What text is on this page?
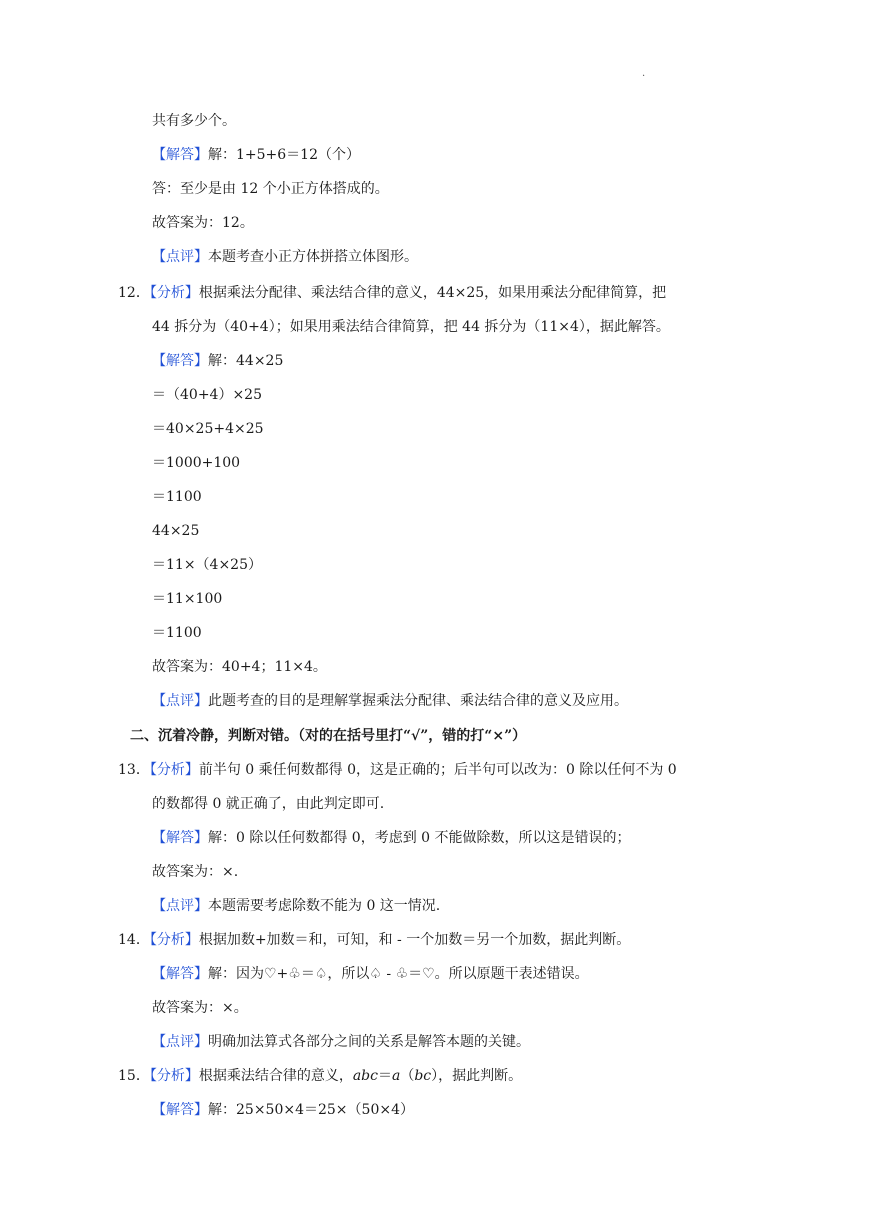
.
共有多少个。
【解答】解：1+5+6＝12（个）
答：至少是由 12 个小正方体搭成的。
故答案为：12。
【点评】本题考查小正方体拼搭立体图形。
12．【分析】根据乘法分配律、乘法结合律的意义，44×25，如果用乘法分配律简算，把
44 拆分为（40+4）；如果用乘法结合律简算，把 44 拆分为（11×4），据此解答。
【解答】解：44×25
＝（40+4）×25
＝40×25+4×25
＝1000+100
＝1100
44×25
＝11×（4×25）
＝11×100
＝1100
故答案为：40+4；11×4。
【点评】此题考查的目的是理解掌握乘法分配律、乘法结合律的意义及应用。
二、沉着冷静，判断对错。（对的在括号里打“√”，错的打“×”）
13．【分析】前半句 0 乘任何数都得 0，这是正确的；后半句可以改为：0 除以任何不为 0
的数都得 0 就正确了，由此判定即可.
【解答】解：0 除以任何数都得 0，考虑到 0 不能做除数，所以这是错误的；
故答案为：×.
【点评】本题需要考虑除数不能为 0 这一情况.
14．【分析】根据加数+加数＝和，可知，和 - 一个加数＝另一个加数，据此判断。
【解答】解：因为♡+♧＝♤，所以♤ - ♧＝♡。所以原题干表述错误。
故答案为：×。
【点评】明确加法算式各部分之间的关系是解答本题的关键。
15．【分析】根据乘法结合律的意义，abc＝a（bc），据此判断。
【解答】解：25×50×4＝25×（50×4）
